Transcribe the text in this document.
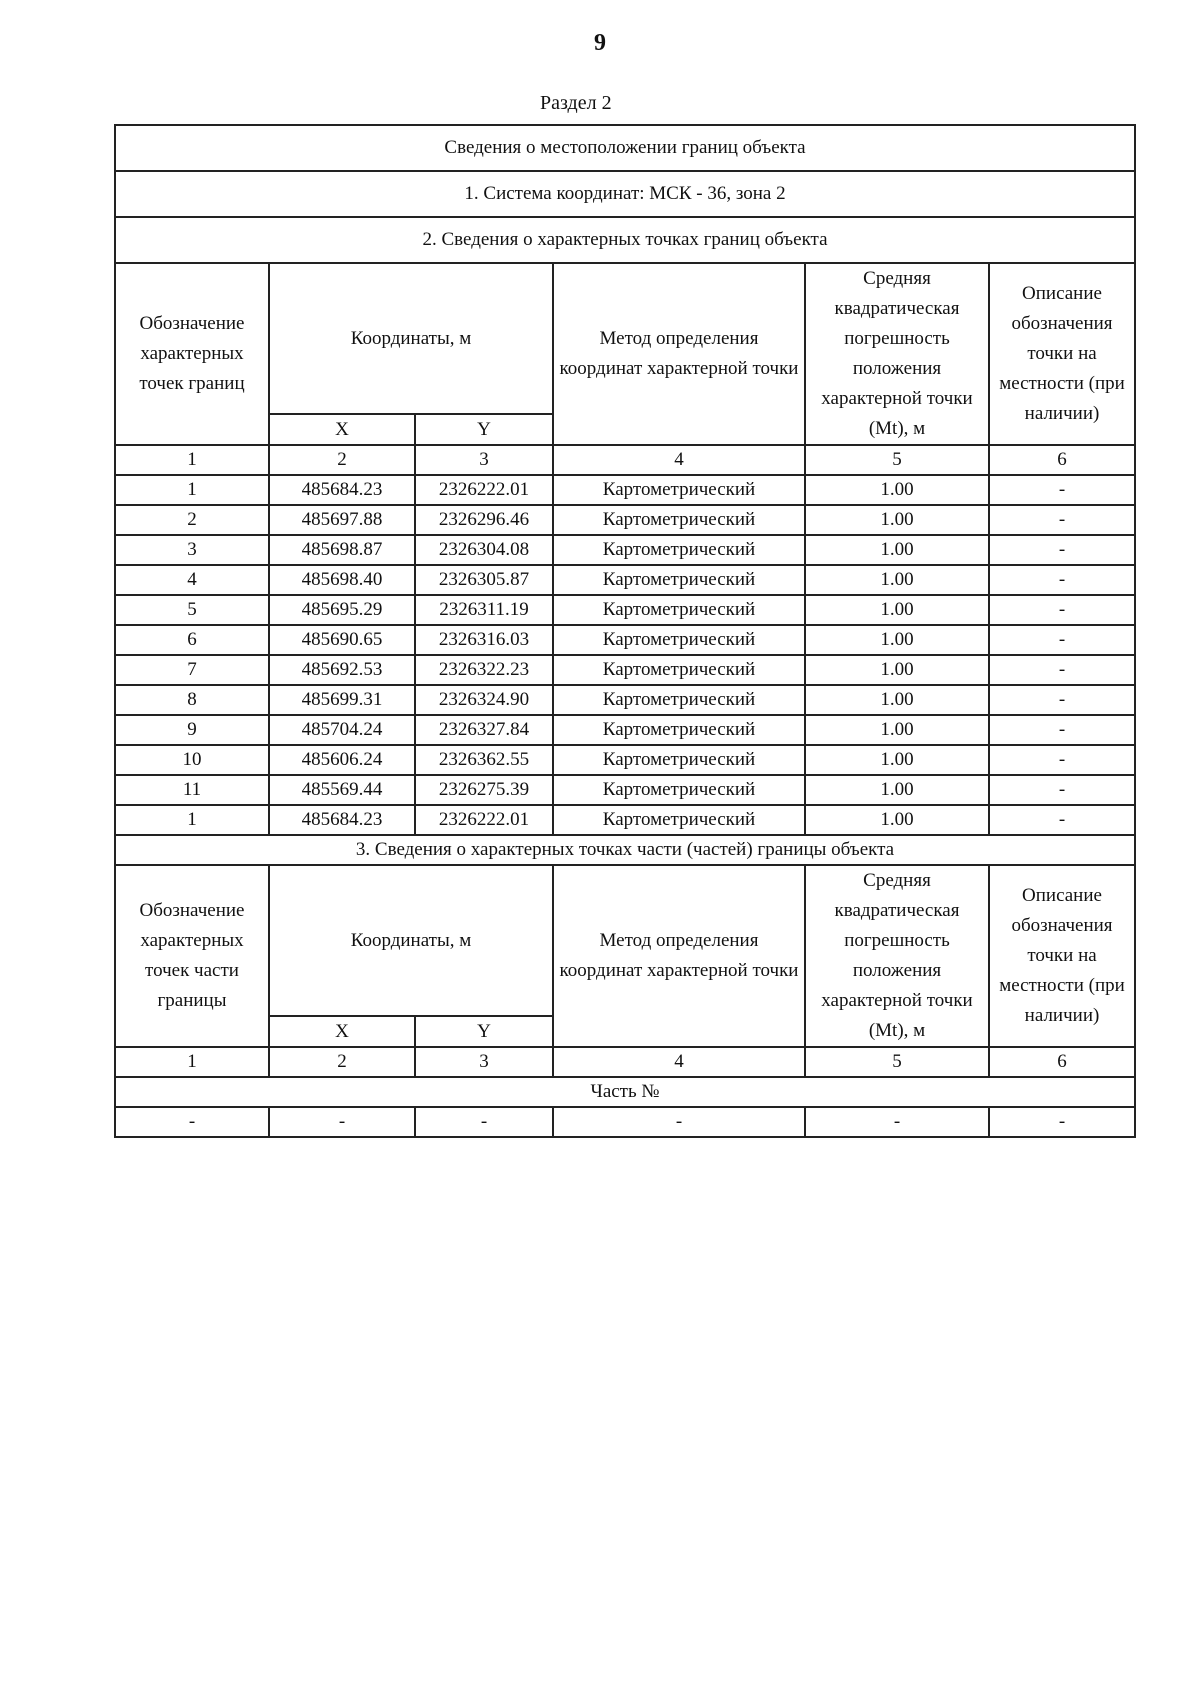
9
Раздел 2
Сведения о местоположении границ объекта					
1. Система координат: МСК - 36, зона 2					
2. Сведения о характерных точках границ объекта					
Обозначение характерных точек границ	Координаты, м		Метод определения координат характерной точки	Средняя квадратическая погрешность положения характерной точки (Mt), м	Описание обозначения точки на местности (при наличии)
	X	Y			
1	2	3	4	5	6
1	485684.23	2326222.01	Картометрический	1.00	-
2	485697.88	2326296.46	Картометрический	1.00	-
3	485698.87	2326304.08	Картометрический	1.00	-
4	485698.40	2326305.87	Картометрический	1.00	-
5	485695.29	2326311.19	Картометрический	1.00	-
6	485690.65	2326316.03	Картометрический	1.00	-
7	485692.53	2326322.23	Картометрический	1.00	-
8	485699.31	2326324.90	Картометрический	1.00	-
9	485704.24	2326327.84	Картометрический	1.00	-
10	485606.24	2326362.55	Картометрический	1.00	-
11	485569.44	2326275.39	Картометрический	1.00	-
1	485684.23	2326222.01	Картометрический	1.00	-
3. Сведения о характерных точках части (частей) границы объекта					
Обозначение характерных точек части границы	Координаты, м		Метод определения координат характерной точки	Средняя квадратическая погрешность положения характерной точки (Mt), м	Описание обозначения точки на местности (при наличии)
	X	Y			
1	2	3	4	5	6
Часть №					
-	-	-	-	-	-
